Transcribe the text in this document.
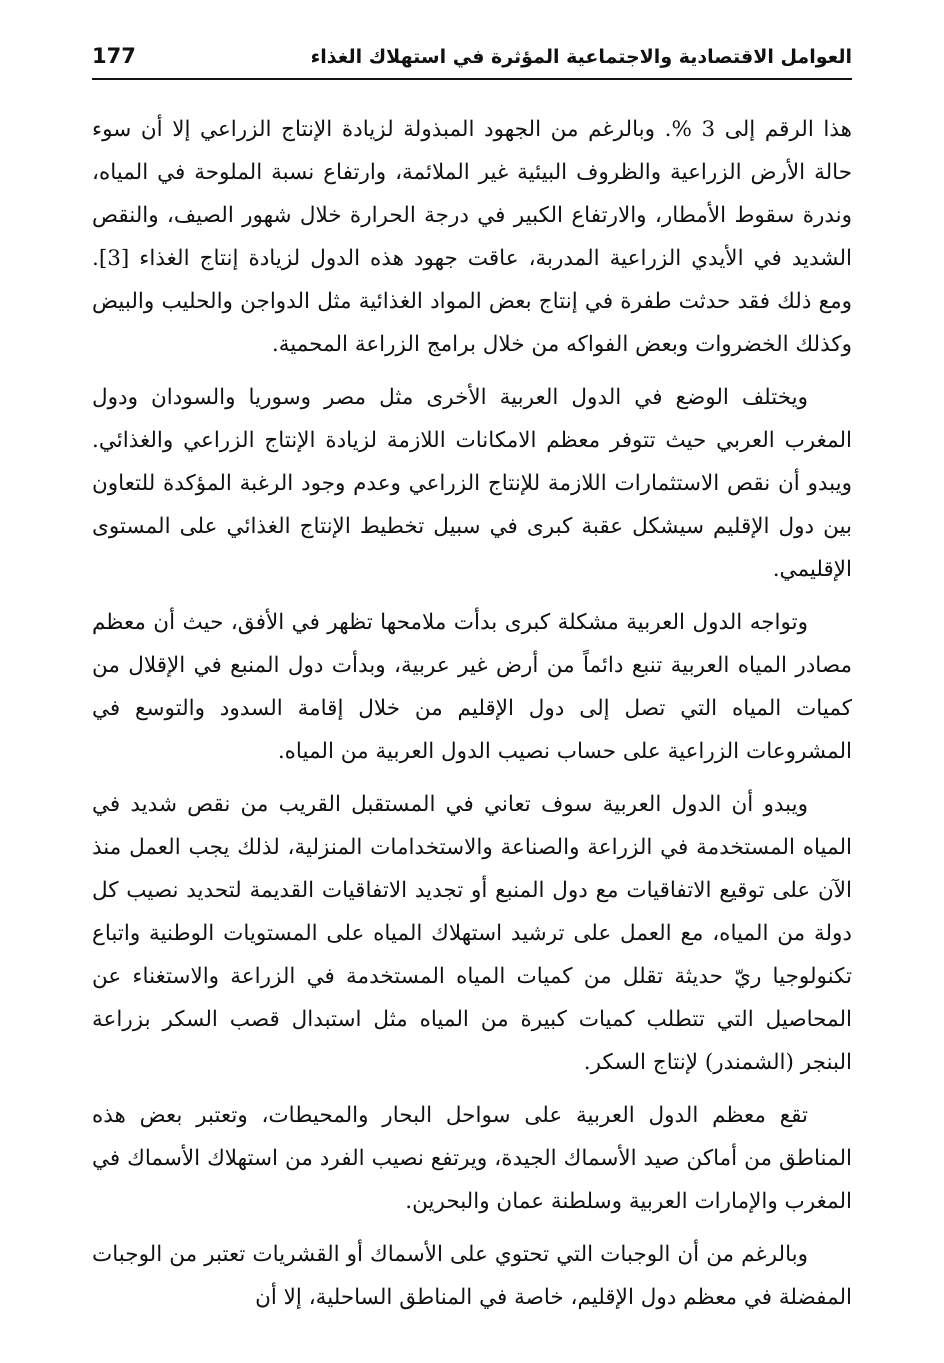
العوامل الاقتصادية والاجتماعية المؤثرة في استهلاك الغذاء
177

هذا الرقم إلى 3 %. وبالرغم من الجهود المبذولة لزيادة الإنتاج الزراعي إلا أن سوء حالة الأرض الزراعية والظروف البيئية غير الملائمة، وارتفاع نسبة الملوحة في المياه، وندرة سقوط الأمطار، والارتفاع الكبير في درجة الحرارة خلال شهور الصيف، والنقص الشديد في الأيدي الزراعية المدربة، عاقت جهود هذه الدول لزيادة إنتاج الغذاء [3]. ومع ذلك فقد حدثت طفرة في إنتاج بعض المواد الغذائية مثل الدواجن والحليب والبيض وكذلك الخضروات وبعض الفواكه من خلال برامج الزراعة المحمية.

ويختلف الوضع في الدول العربية الأخرى مثل مصر وسوريا والسودان ودول المغرب العربي حيث تتوفر معظم الامكانات اللازمة لزيادة الإنتاج الزراعي والغذائي. ويبدو أن نقص الاستثمارات اللازمة للإنتاج الزراعي وعدم وجود الرغبة المؤكدة للتعاون بين دول الإقليم سيشكل عقبة كبرى في سبيل تخطيط الإنتاج الغذائي على المستوى الإقليمي.

وتواجه الدول العربية مشكلة كبرى بدأت ملامحها تظهر في الأفق، حيث أن معظم مصادر المياه العربية تنبع دائماً من أرض غير عربية، وبدأت دول المنبع في الإقلال من كميات المياه التي تصل إلى دول الإقليم من خلال إقامة السدود والتوسع في المشروعات الزراعية على حساب نصيب الدول العربية من المياه.

ويبدو أن الدول العربية سوف تعاني في المستقبل القريب من نقص شديد في المياه المستخدمة في الزراعة والصناعة والاستخدامات المنزلية، لذلك يجب العمل منذ الآن على توقيع الاتفاقيات مع دول المنبع أو تجديد الاتفاقيات القديمة لتحديد نصيب كل دولة من المياه، مع العمل على ترشيد استهلاك المياه على المستويات الوطنية واتباع تكنولوجيا ريّ حديثة تقلل من كميات المياه المستخدمة في الزراعة والاستغناء عن المحاصيل التي تتطلب كميات كبيرة من المياه مثل استبدال قصب السكر بزراعة البنجر (الشمندر) لإنتاج السكر.

تقع معظم الدول العربية على سواحل البحار والمحيطات، وتعتبر بعض هذه المناطق من أماكن صيد الأسماك الجيدة، ويرتفع نصيب الفرد من استهلاك الأسماك في المغرب والإمارات العربية وسلطنة عمان والبحرين.

وبالرغم من أن الوجبات التي تحتوي على الأسماك أو القشريات تعتبر من الوجبات المفضلة في معظم دول الإقليم، خاصة في المناطق الساحلية، إلا أن
